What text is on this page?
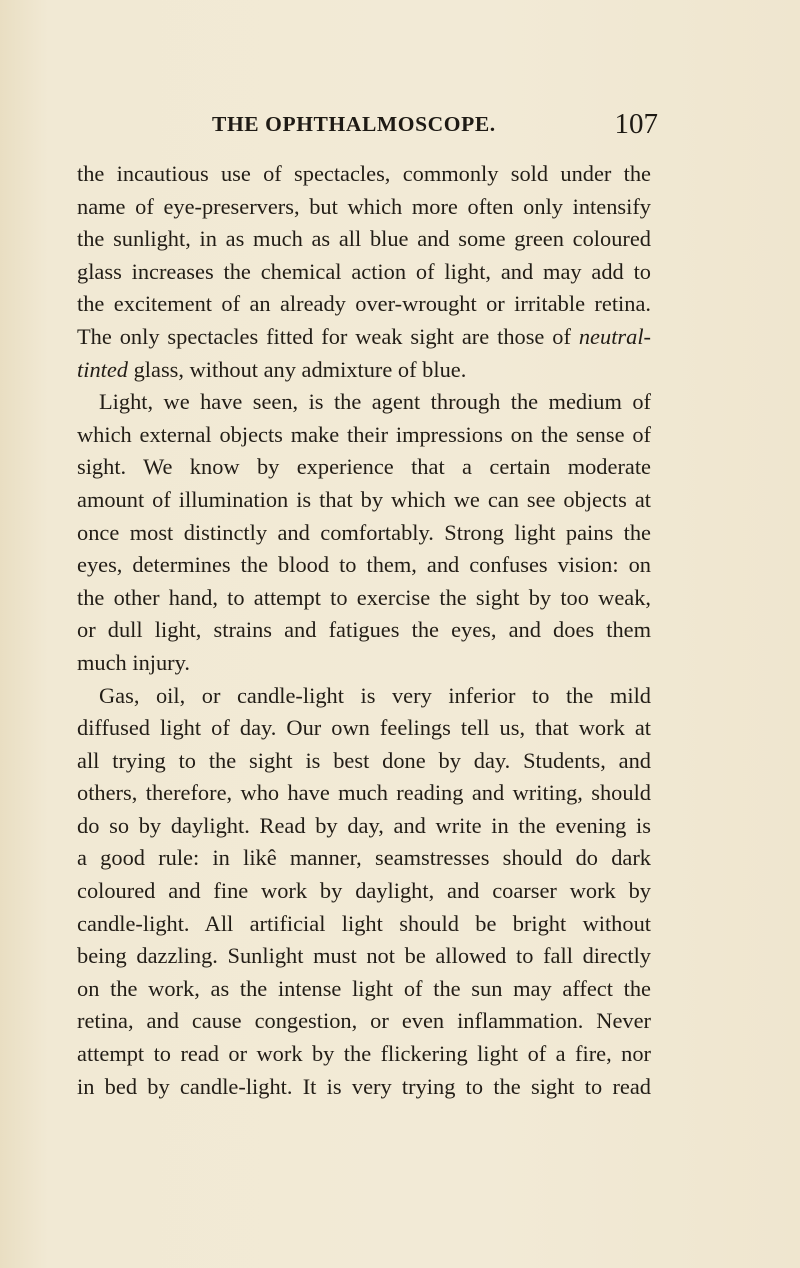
THE OPHTHALMOSCOPE.	107
the incautious use of spectacles, commonly sold under the
name of eye-preservers, but which more often only intensify
the sunlight, in as much as all blue and some green coloured
glass increases the chemical action of light, and may add to
the excitement of an already over-wrought or irritable retina.
The only spectacles fitted for weak sight are those of neutral-
tinted glass, without any admixture of blue.
Light, we have seen, is the agent through the medium of
which external objects make their impressions on the sense of
sight. We know by experience that a certain moderate
amount of illumination is that by which we can see objects at
once most distinctly and comfortably. Strong light pains the
eyes, determines the blood to them, and confuses vision: on
the other hand, to attempt to exercise the sight by too weak,
or dull light, strains and fatigues the eyes, and does them
much injury.
Gas, oil, or candle-light is very inferior to the mild
diffused light of day. Our own feelings tell us, that work at
all trying to the sight is best done by day. Students, and
others, therefore, who have much reading and writing, should
do so by daylight. Read by day, and write in the evening is
a good rule: in likê manner, seamstresses should do dark
coloured and fine work by daylight, and coarser work by
candle-light. All artificial light should be bright without
being dazzling. Sunlight must not be allowed to fall directly
on the work, as the intense light of the sun may affect the
retina, and cause congestion, or even inflammation. Never
attempt to read or work by the flickering light of a fire, nor
in bed by candle-light. It is very trying to the sight to read
